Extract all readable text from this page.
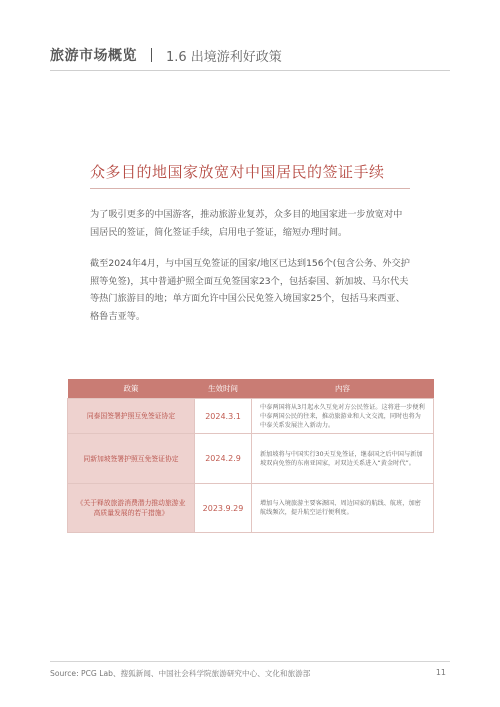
旅游市场概览 1.6 出境游利好政策
众多目的地国家放宽对中国居民的签证手续
为了吸引更多的中国游客，推动旅游业复苏，众多目的地国家进一步放宽对中国居民的签证，简化签证手续，启用电子签证，缩短办理时间。
截至2024年4月，与中国互免签证的国家/地区已达到156个(包含公务、外交护照等免签)，其中普通护照全面互免签国家23个，包括泰国、新加坡、马尔代夫等热门旅游目的地；单方面允许中国公民免签入境国家25个，包括马来西亚、格鲁吉亚等。
政策	生效时间	内容
同泰国签署护照互免签证协定	2024.3.1	中泰两国将从3月起永久互免对方公民签证。这将进一步便利中泰两国公民的往来，推动旅游业和人文交流，同时也将为中泰关系发展注入新动力。
同新加坡签署护照互免签证协定	2024.2.9	新加坡将与中国实行30天互免签证，继泰国之后中国与新加坡双向免签的东南亚国家，对双边关系进入“黄金时代”。
《关于释放旅游消费潜力推动旅游业高质量发展的若干措施》	2023.9.29	增加与入境旅游主要客源国、周边国家的航线、航班，加密航线频次，提升航空运行便利度。
Source: PCG Lab、搜狐新闻、中国社会科学院旅游研究中心、文化和旅游部	11
